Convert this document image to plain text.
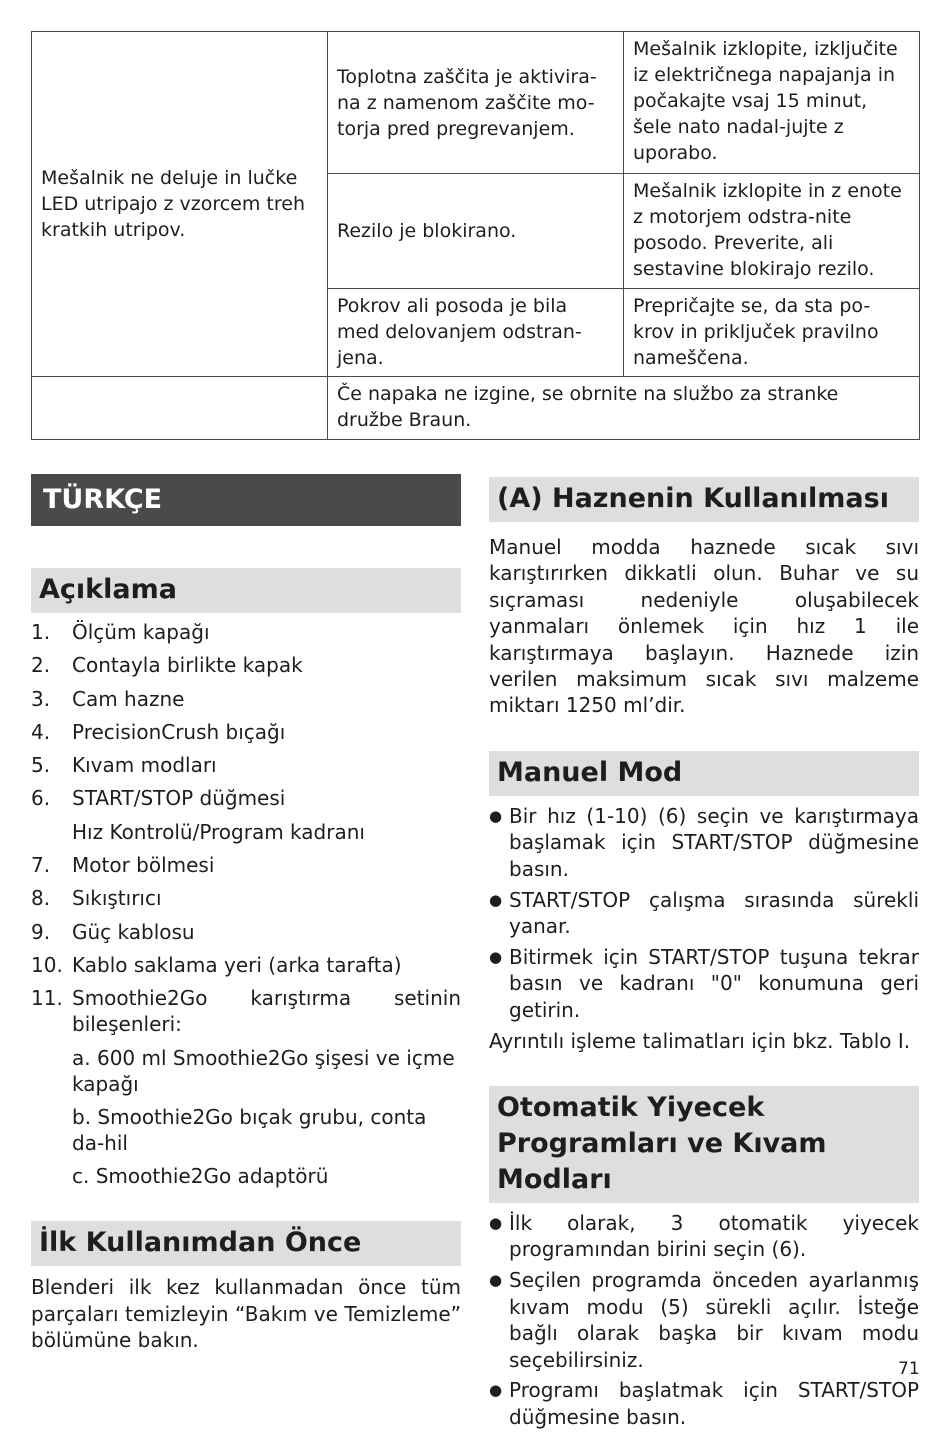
Mešalnik ne deluje in lučke LED utripajo z vzorcem treh kratkih utripov.	Toplotna zaščita je aktivira-na z namenom zaščite mo-torja pred pregrevanjem.	Mešalnik izklopite, izključite iz električnega napajanja in počakajte vsaj 15 minut, šele nato nadal-jujte z uporabo.
	Rezilo je blokirano.	Mešalnik izklopite in z enote z motorjem odstra-nite posodo. Preverite, ali sestavine blokirajo rezilo.
	Pokrov ali posoda je bila med delovanjem odstran-jena.	Prepričajte se, da sta po-krov in priključek pravilno nameščena.
	Če napaka ne izgine, se obrnite na službo za stranke družbe Braun.	
TÜRKÇE
Açıklama
1.	Ölçüm kapağı
2.	Contayla birlikte kapak
3.	Cam hazne
4.	PrecisionCrush bıçağı
5.	Kıvam modları
6.	START/STOP düğmesi
Hız Kontrolü/Program kadranı
7.	Motor bölmesi
8.	Sıkıştırıcı
9.	Güç kablosu
10. Kablo saklama yeri (arka tarafta)
11. Smoothie2Go karıştırma setinin bileşenleri:
a. 600 ml Smoothie2Go şişesi ve içme kapağı
b. Smoothie2Go bıçak grubu, conta da-hil
c. Smoothie2Go adaptörü
İlk Kullanımdan Önce

Blenderi ilk kez kullanmadan önce tüm parçaları temizleyin “Bakım ve Temizleme” bölümüne bakın.

(A) Haznenin Kullanılması

Manuel modda haznede sıcak sıvı karıştırırken dikkatli olun. Buhar ve su sıçraması nedeniyle oluşabilecek yanmaları önlemek için hız 1 ile karıştırmaya başlayın. Haznede izin verilen maksimum sıcak sıvı malzeme miktarı 1250 ml’dir.

Manuel Mod
● Bir hız (1-10) (6) seçin ve karıştırmaya başlamak için START/STOP düğmesine basın.
● START/STOP çalışma sırasında sürekli yanar.
● Bitirmek için START/STOP tuşuna tekrar basın ve kadranı "0" konumuna geri getirin.

Ayrıntılı işleme talimatları için bkz. Tablo I.

Otomatik Yiyecek Programları ve Kıvam Modları
● İlk olarak, 3 otomatik yiyecek programından birini seçin (6).
● Seçilen programda önceden ayarlanmış kıvam modu (5) sürekli açılır. İsteğe bağlı olarak başka bir kıvam modu seçebilirsiniz.
● Programı başlatmak için START/STOP düğmesine basın.
71
